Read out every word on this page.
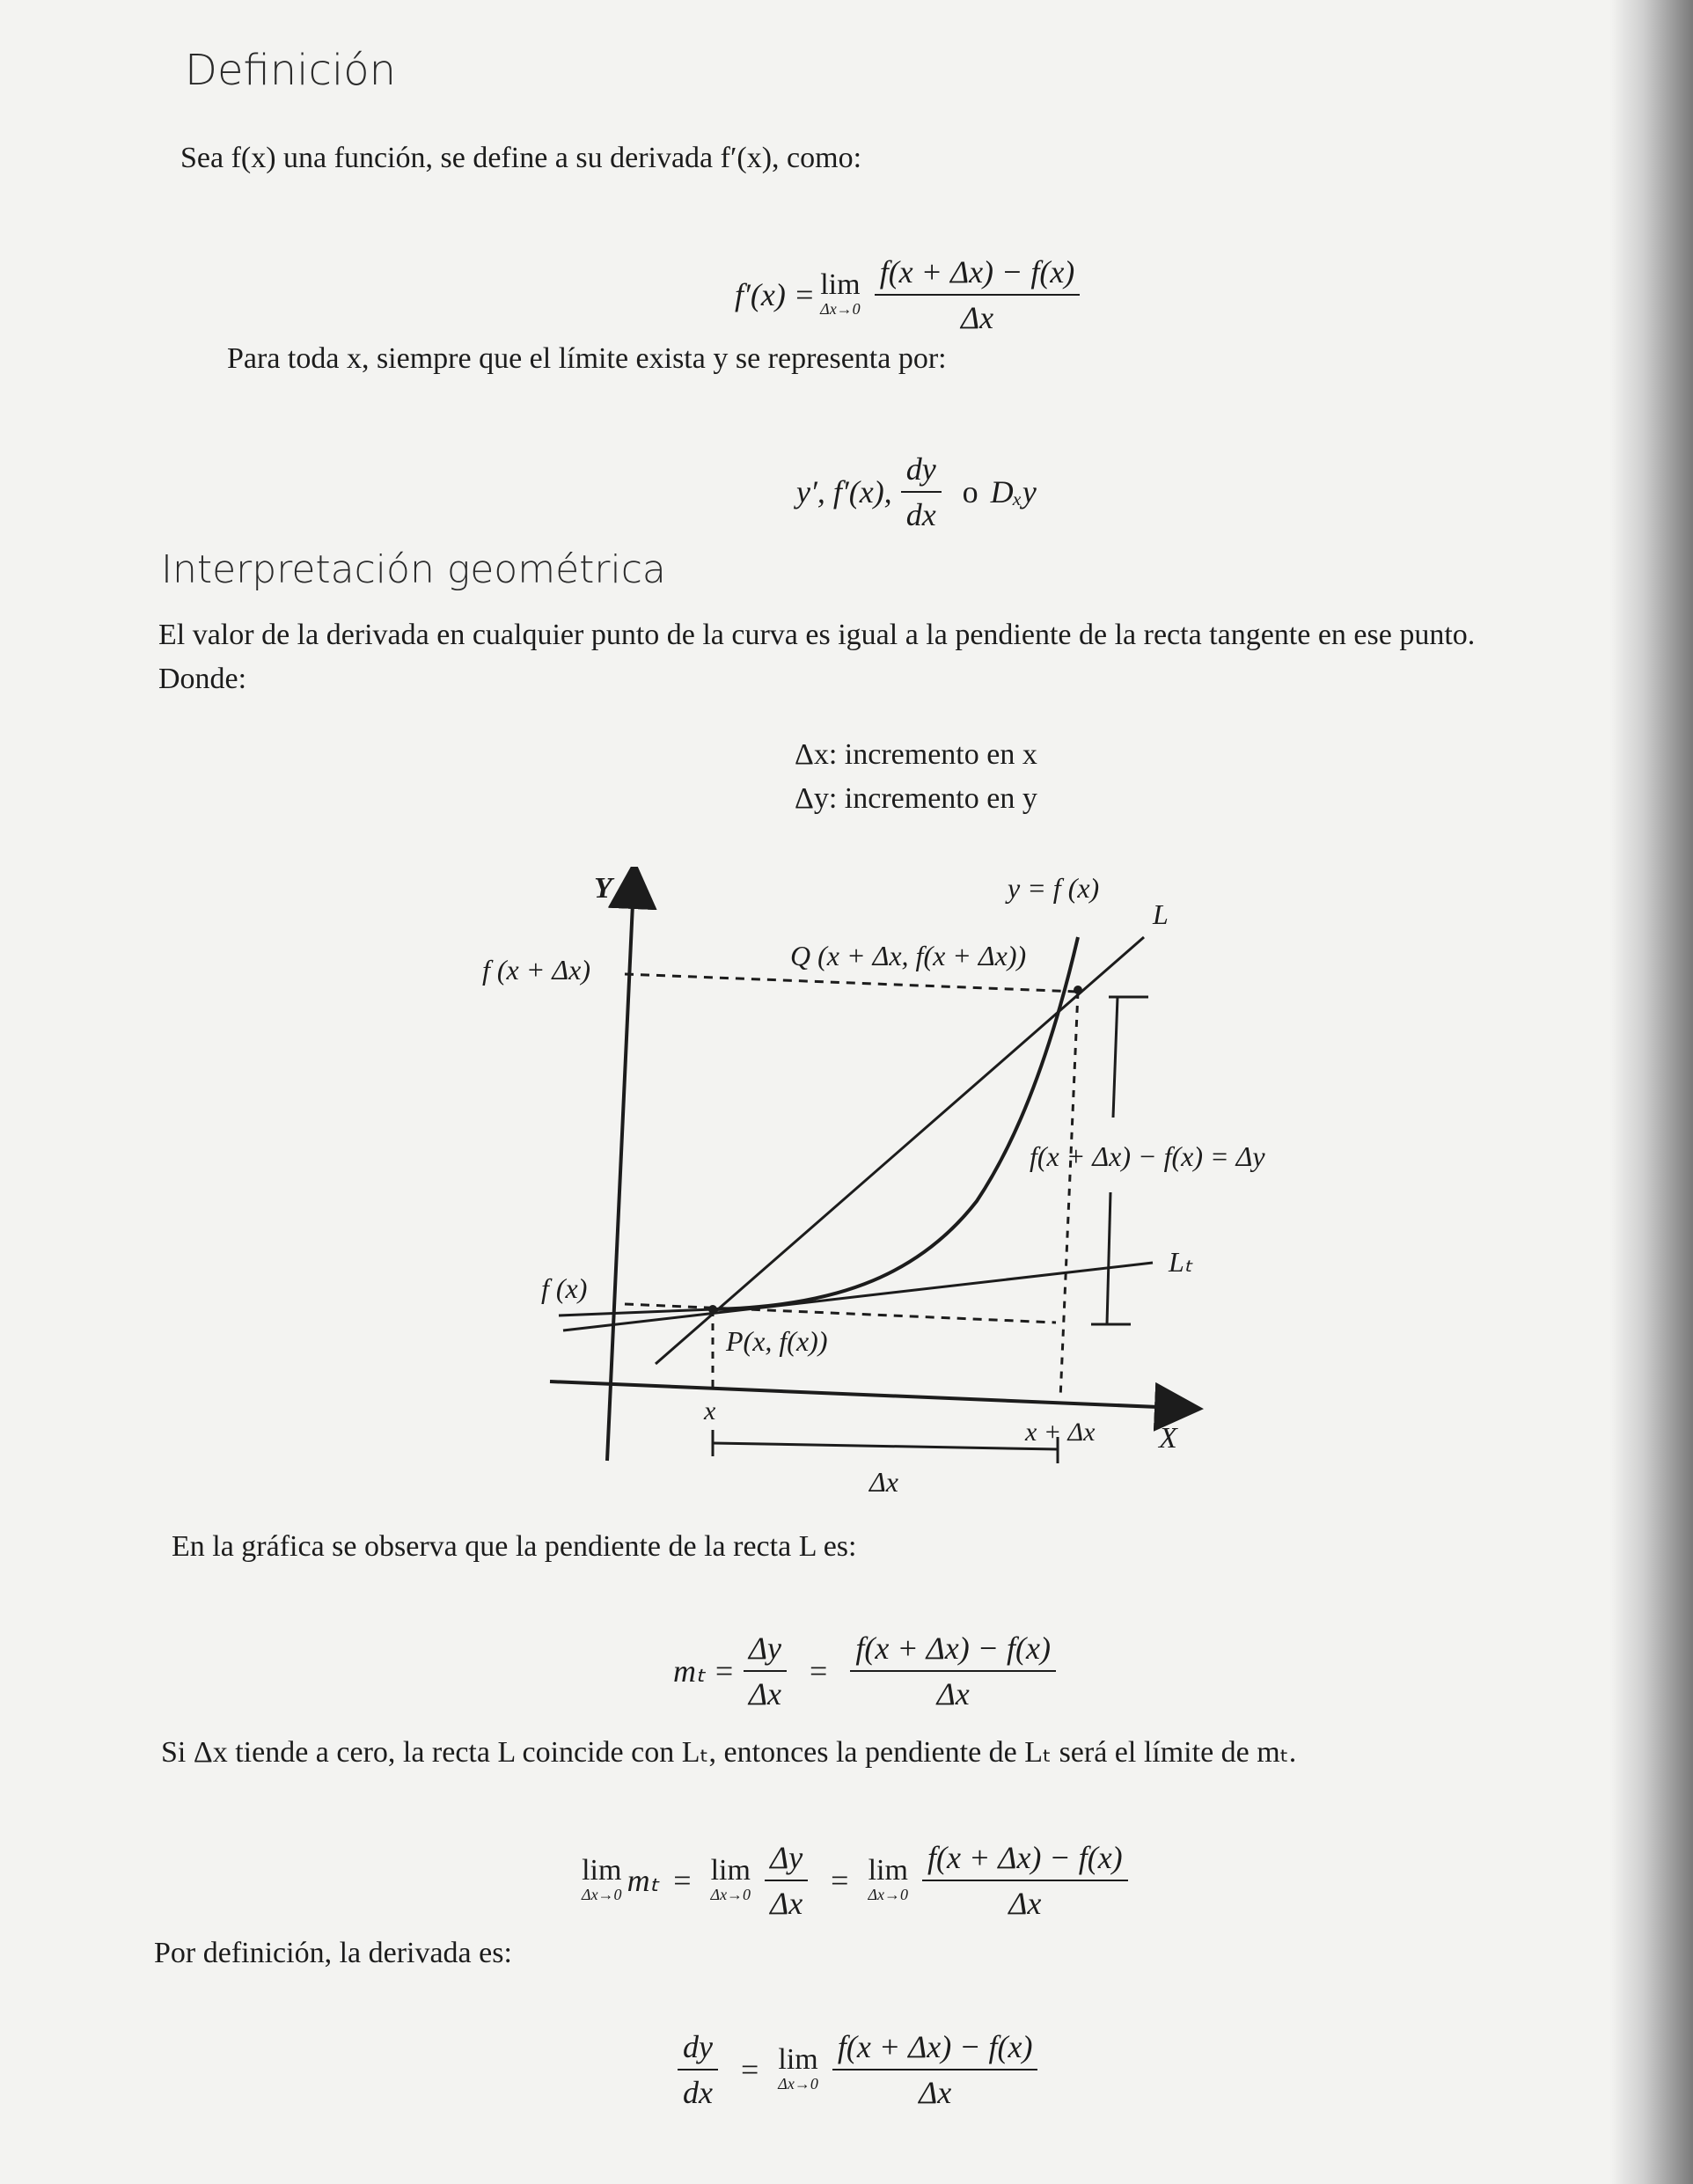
Definición
Sea f(x) una función, se define a su derivada f′(x), como:
f′(x) = lim
$\Delta x\to 0 \frac{f(x + \Delta x) - f(x)}{\Delta x}$
Para toda x, siempre que el límite exista y se representa por:
y′, f′(x), $\frac{dy}{dx}$ o Dₓy
Interpretación geométrica
El valor de la derivada en cualquier punto de la curva es igual a la pendiente de la recta tangente en ese punto.
Donde:
Δx: incremento en x
Δy: incremento en y
Y
X
y = f (x)
L
Lₜ
Q (x + Δx, f(x + Δx))
P(x, f(x))
f (x + Δx)
f (x)
x
x + Δx
Δx
f(x + Δx) − f(x) = Δy
En la gráfica se observa que la pendiente de la recta L es:
$m_t = \frac{\Delta y}{\Delta x} = \frac{f(x + \Delta x) - f(x)}{\Delta x}$
Si Δx tiende a cero, la recta L coincide con Lₜ, entonces la pendiente de Lₜ será el límite de mₜ.
lim
Δx→0 mₜ = lim
$\Delta x\to 0 \frac{\Delta y}{\Delta x} = \lim$
$\Delta x\to 0 \frac{f(x + \Delta x) - f(x)}{\Delta x}$
Por definición, la derivada es:
$\frac{dy}{dx} = \lim$
$\Delta x\to 0 \frac{f(x + \Delta x) - f(x)}{\Delta x}$
